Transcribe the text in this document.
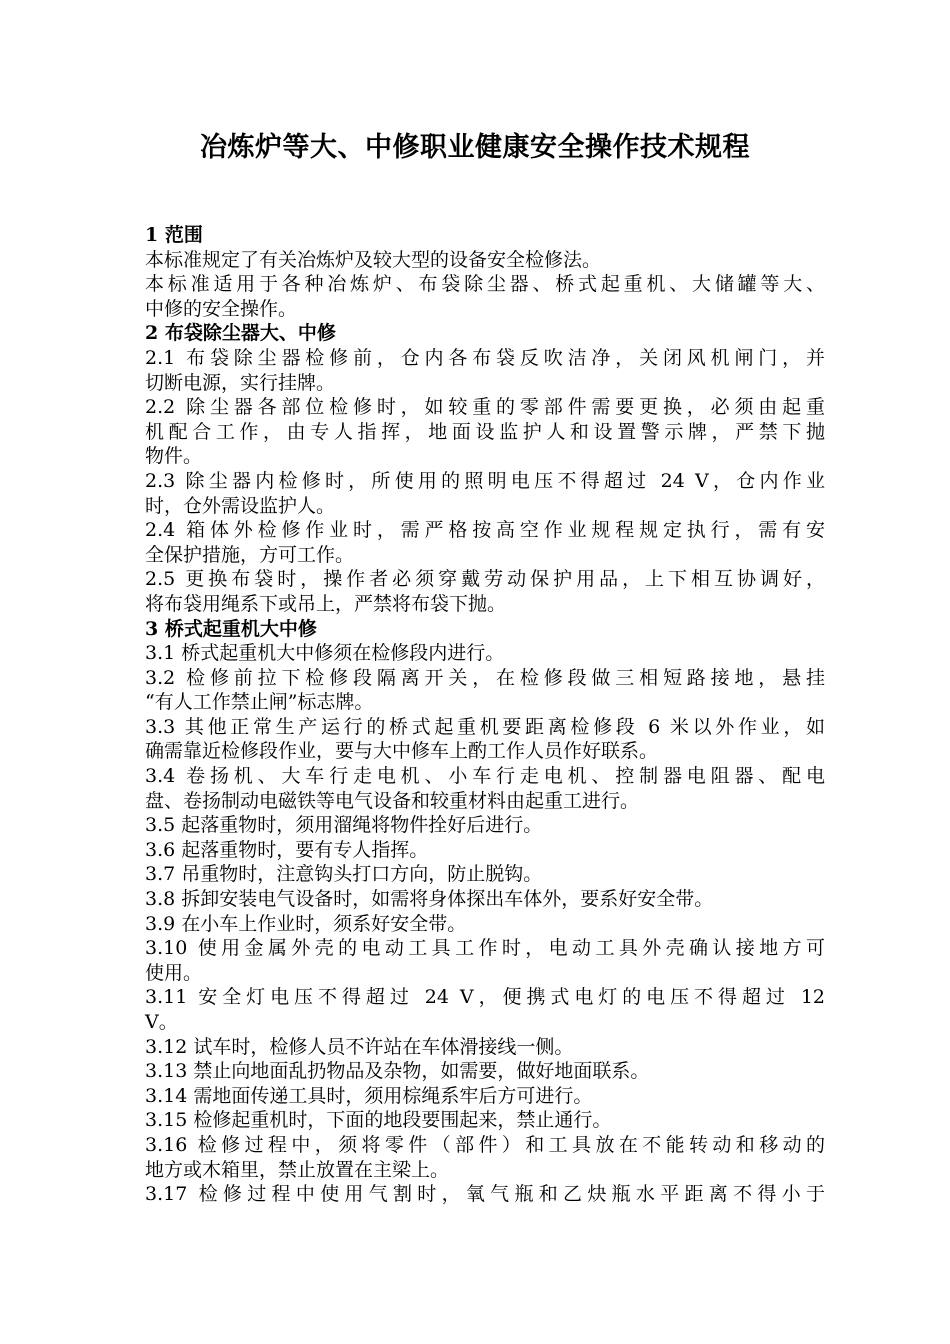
冶炼炉等大、中修职业健康安全操作技术规程
1 范围
本标准规定了有关冶炼炉及较大型的设备安全检修法。
本标准适用于各种冶炼炉、布袋除尘器、桥式起重机、大储罐等大、
中修的安全操作。
2 布袋除尘器大、中修
2.1 布袋除尘器检修前，仓内各布袋反吹洁净，关闭风机闸门，并
切断电源，实行挂牌。
2.2 除尘器各部位检修时，如较重的零部件需要更换，必须由起重
机配合工作，由专人指挥，地面设监护人和设置警示牌，严禁下抛
物件。
2.3 除尘器内检修时，所使用的照明电压不得超过 24 V，仓内作业
时，仓外需设监护人。
2.4 箱体外检修作业时，需严格按高空作业规程规定执行，需有安
全保护措施，方可工作。
2.5 更换布袋时，操作者必须穿戴劳动保护用品，上下相互协调好，
将布袋用绳系下或吊上，严禁将布袋下抛。
3 桥式起重机大中修
3.1 桥式起重机大中修须在检修段内进行。
3.2 检修前拉下检修段隔离开关，在检修段做三相短路接地，悬挂
“有人工作禁止闸”标志牌。
3.3 其他正常生产运行的桥式起重机要距离检修段 6 米以外作业，如
确需靠近检修段作业，要与大中修车上酌工作人员作好联系。
3.4 卷扬机、大车行走电机、小车行走电机、控制器电阻器、配电
盘、卷扬制动电磁铁等电气设备和较重材料由起重工进行。
3.5 起落重物时，须用溜绳将物件拴好后进行。
3.6 起落重物时，要有专人指挥。
3.7 吊重物时，注意钩头打口方向，防止脱钩。
3.8 拆卸安装电气设备时，如需将身体探出车体外，要系好安全带。
3.9 在小车上作业时，须系好安全带。
3.10 使用金属外壳的电动工具工作时，电动工具外壳确认接地方可
使用。
3.11 安全灯电压不得超过 24 V，便携式电灯的电压不得超过 12
V。
3.12 试车时，检修人员不许站在车体滑接线一侧。
3.13 禁止向地面乱扔物品及杂物，如需要，做好地面联系。
3.14 需地面传递工具时，须用棕绳系牢后方可进行。
3.15 检修起重机时，下面的地段要围起来，禁止通行。
3.16 检修过程中，须将零件（部件）和工具放在不能转动和移动的
地方或木箱里，禁止放置在主梁上。
3.17 检修过程中使用气割时，氧气瓶和乙炔瓶水平距离不得小于
